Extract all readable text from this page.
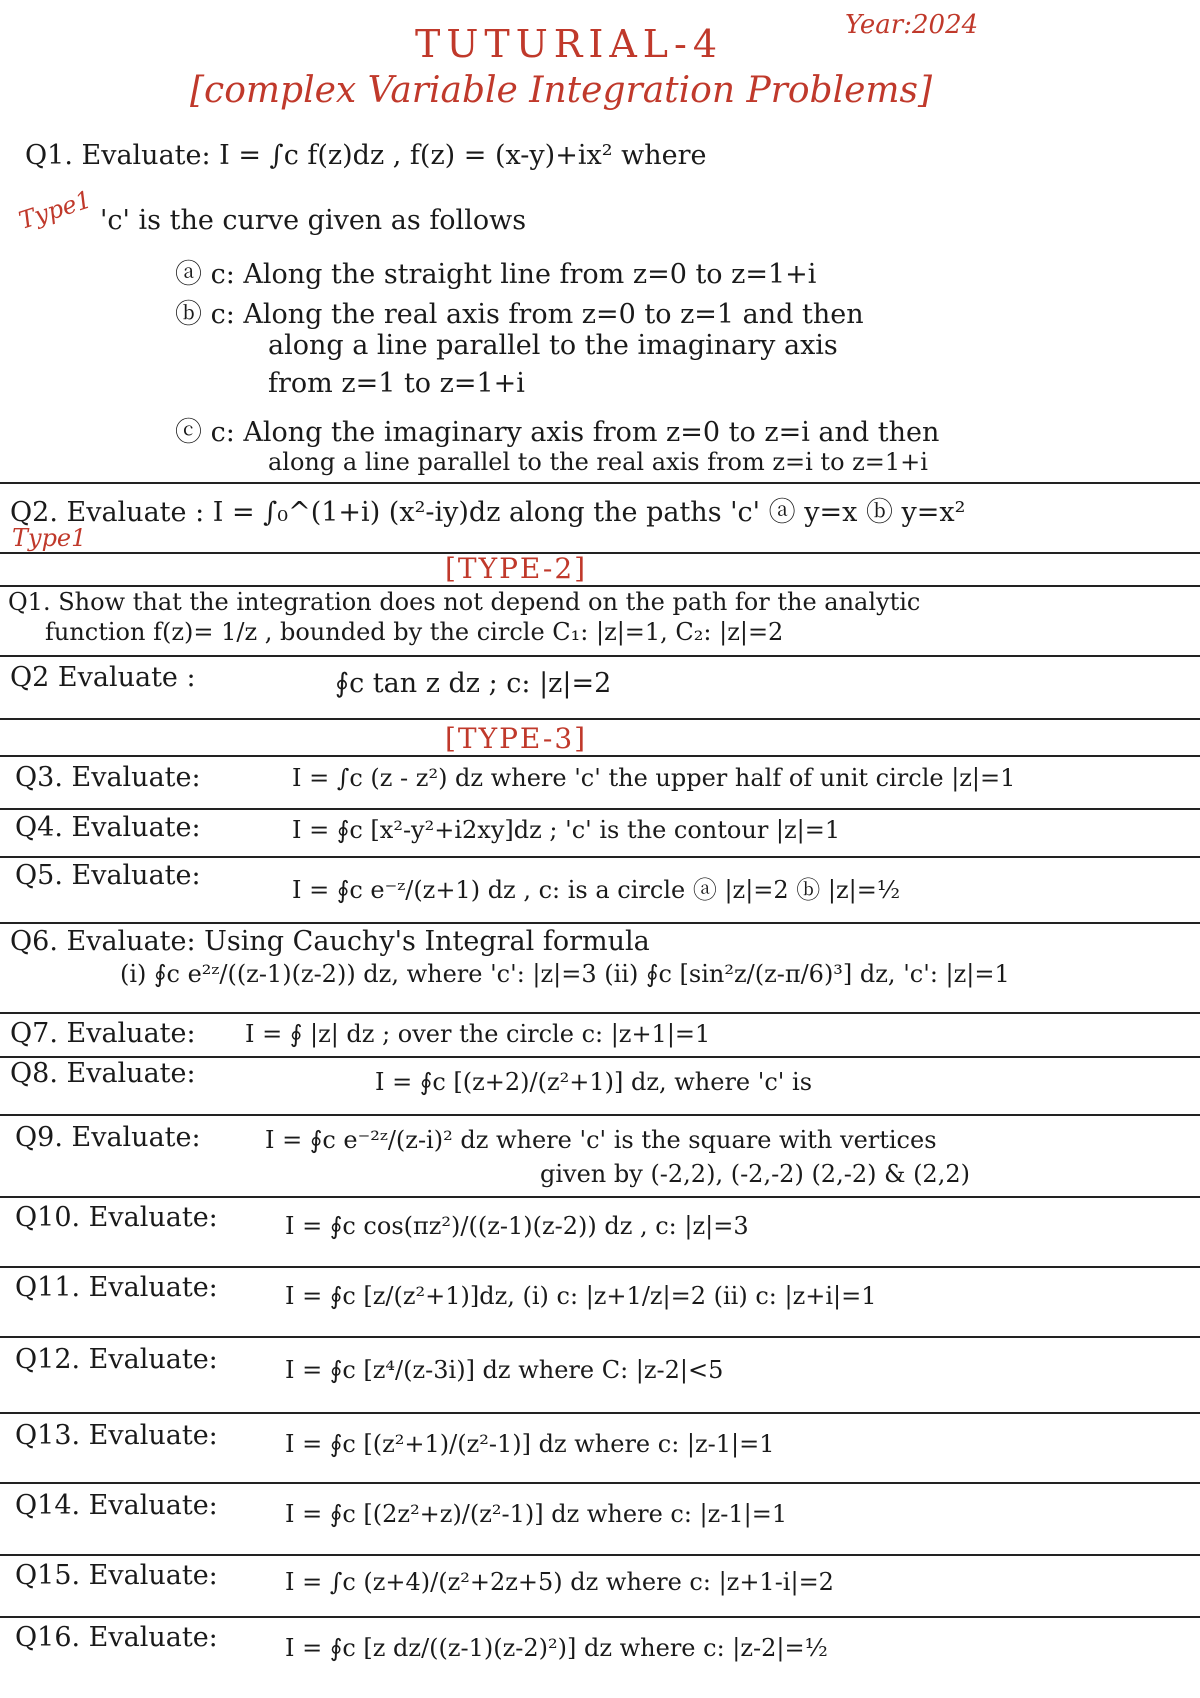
TUTURIAL-4	Year:2024
[complex Variable Integration Problems]
Q1. Evaluate: I = ∫c f(z)dz , f(z) = (x-y)+ix² where
Type1 'c' is the curve given as follows
ⓐ c: Along the straight line from z=0 to z=1+i
ⓑ c: Along the real axis from z=0 to z=1 and then
along a line parallel to the imaginary axis
from z=1 to z=1+i
ⓒ c: Along the imaginary axis from z=0 to z=i and then
along a line parallel to the real axis from z=i to z=1+i
Q2. Evaluate : I = ∫₀^(1+i) (x²-iy)dz along the paths 'c' ⓐ y=x ⓑ y=x²
Type1
[TYPE-2]
Q1. Show that the integration does not depend on the path for the analytic
function f(z)= 1/z , bounded by the circle C₁: |z|=1, C₂: |z|=2
Q2 Evaluate :	∮c tan z dz ; c: |z|=2
[TYPE-3]
Q3. Evaluate:	I = ∫c (z - z²) dz where 'c' the upper half of unit circle |z|=1
Q4. Evaluate:	I = ∮c [x²-y²+i2xy]dz ; 'c' is the contour |z|=1
Q5. Evaluate:	I = ∮c e⁻ᶻ/(z+1) dz , c: is a circle ⓐ |z|=2 ⓑ |z|=½
Q6. Evaluate: Using Cauchy's Integral formula
(i) ∮c e²ᶻ/((z-1)(z-2)) dz, where 'c': |z|=3 (ii) ∮c [sin²z/(z-π/6)³] dz, 'c': |z|=1
Q7. Evaluate: I = ∮ |z| dz ; over the circle c: |z+1|=1
Q8. Evaluate:	I = ∮c [(z+2)/(z²+1)] dz, where 'c' is
Q9. Evaluate:	I = ∮c e⁻²ᶻ/(z-i)² dz where 'c' is the square with vertices
given by (-2,2), (-2,-2) (2,-2) & (2,2)
Q10. Evaluate:	I = ∮c cos(πz²)/((z-1)(z-2)) dz , c: |z|=3
Q11. Evaluate:	I = ∮c [z/(z²+1)]dz, (i) c: |z+1/z|=2 (ii) c: |z+i|=1
Q12. Evaluate:	I = ∮c [z⁴/(z-3i)] dz where C: |z-2|<5
Q13. Evaluate:	I = ∮c [(z²+1)/(z²-1)] dz where c: |z-1|=1
Q14. Evaluate:	I = ∮c [(2z²+z)/(z²-1)] dz where c: |z-1|=1
Q15. Evaluate:	I = ∫c (z+4)/(z²+2z+5) dz where c: |z+1-i|=2
Q16. Evaluate:	I = ∮c [z dz/((z-1)(z-2)²)] dz where c: |z-2|=½
